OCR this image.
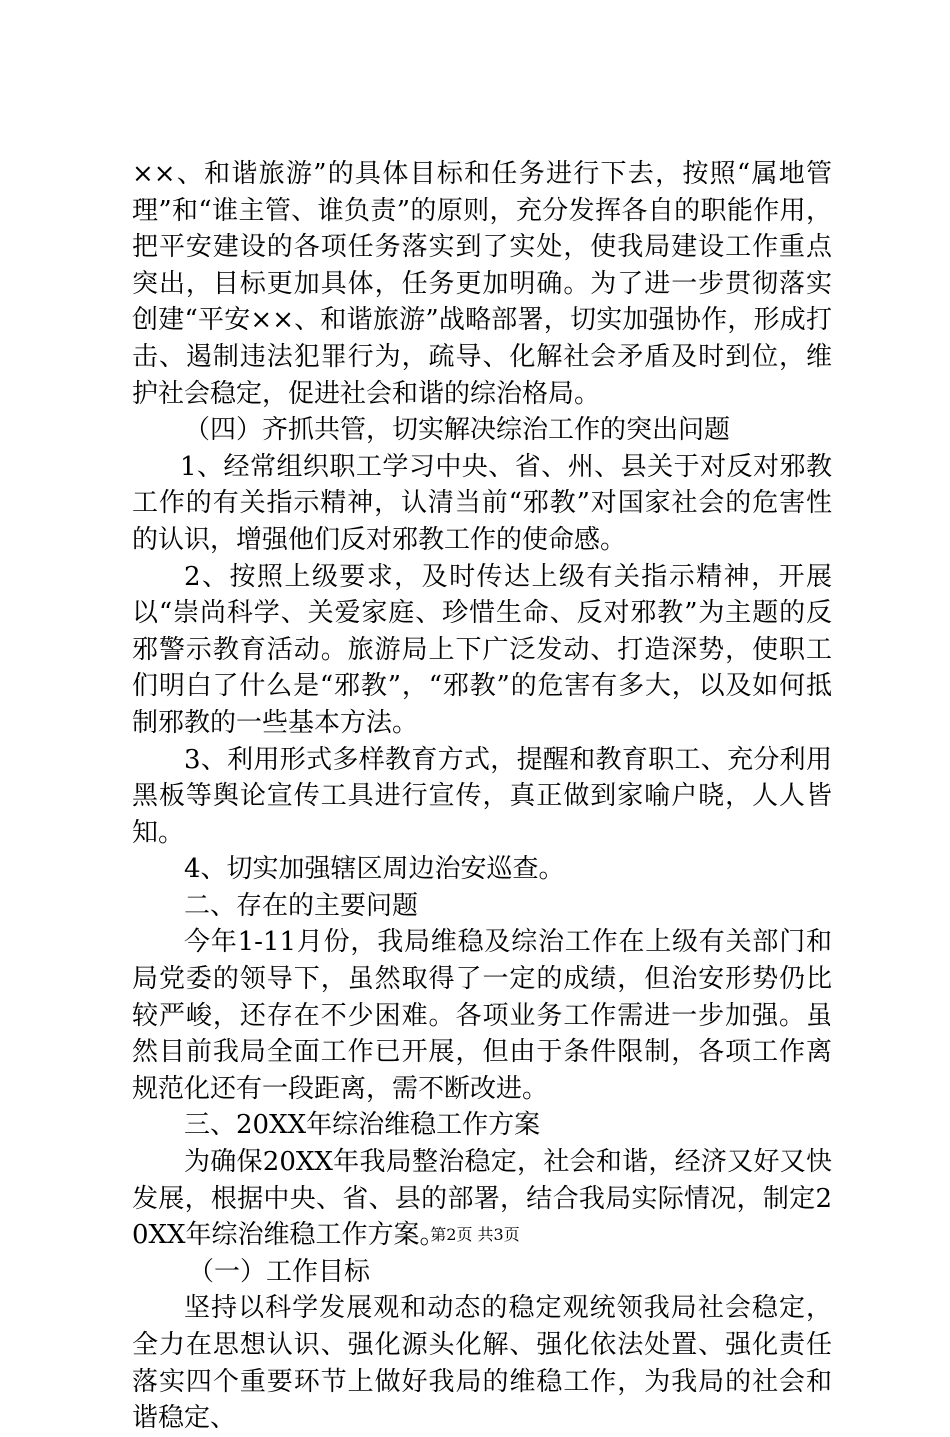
××、和谐旅游”的具体目标和任务进行下去，按照“属地管理”和“谁主管、谁负责”的原则，充分发挥各自的职能作用，把平安建设的各项任务落实到了实处，使我局建设工作重点突出，目标更加具体，任务更加明确。为了进一步贯彻落实创建“平安××、和谐旅游”战略部署，切实加强协作，形成打击、遏制违法犯罪行为，疏导、化解社会矛盾及时到位，维护社会稳定，促进社会和谐的综治格局。

（四）齐抓共管，切实解决综治工作的突出问题

1、经常组织职工学习中央、省、州、县关于对反对邪教工作的有关指示精神，认清当前“邪教”对国家社会的危害性的认识，增强他们反对邪教工作的使命感。

2、按照上级要求，及时传达上级有关指示精神，开展以“崇尚科学、关爱家庭、珍惜生命、反对邪教”为主题的反邪警示教育活动。旅游局上下广泛发动、打造深势，使职工们明白了什么是“邪教”，“邪教”的危害有多大，以及如何抵制邪教的一些基本方法。

3、利用形式多样教育方式，提醒和教育职工、充分利用黑板等舆论宣传工具进行宣传，真正做到家喻户晓，人人皆知。

4、切实加强辖区周边治安巡查。

二、存在的主要问题

今年1-11月份，我局维稳及综治工作在上级有关部门和局党委的领导下，虽然取得了一定的成绩，但治安形势仍比较严峻，还存在不少困难。各项业务工作需进一步加强。虽然目前我局全面工作已开展，但由于条件限制，各项工作离规范化还有一段距离，需不断改进。

三、20XX年综治维稳工作方案

为确保20XX年我局整治稳定，社会和谐，经济又好又快发展，根据中央、省、县的部署，结合我局实际情况，制定20XX年综治维稳工作方案。

（一）工作目标

坚持以科学发展观和动态的稳定观统领我局社会稳定，全力在思想认识、强化源头化解、强化依法处置、强化责任落实四个重要环节上做好我局的维稳工作，为我局的社会和谐稳定、

第2页 共3页
